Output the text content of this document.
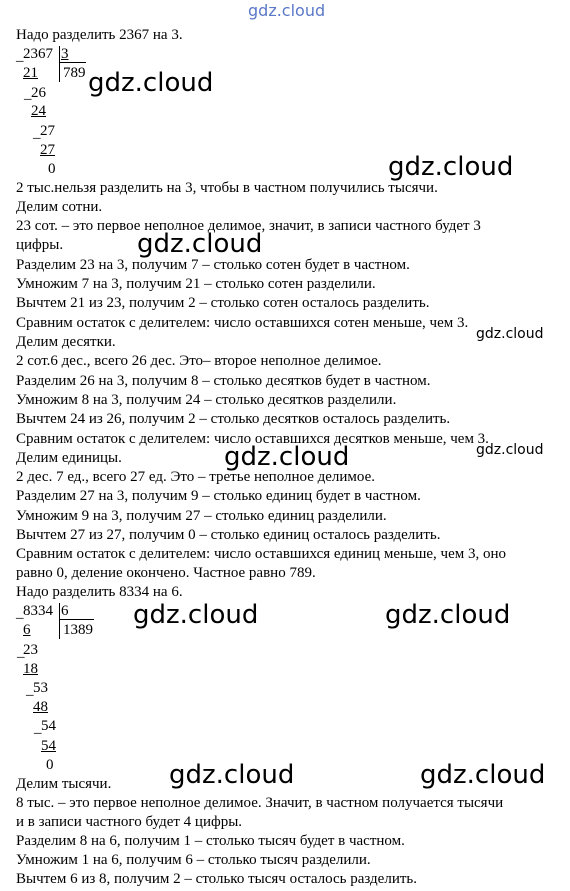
gdz.cloud
Надо разделить 2367 на 3.
_ 2367 3
789
21
_ 26
24
_ 27
27
0
gdz.cloud
gdz.cloud
2 тыс.нельзя разделить на 3, чтобы в частном получились тысячи.
Делим сотни.
23 сот. – это первое неполное делимое, значит, в записи частного будет 3
цифры.
Разделим 23 на 3, получим 7 – столько сотен будет в частном.
Умножим 7 на 3, получим 21 – столько сотен разделили.
Вычтем 21 из 23, получим 2 – столько сотен осталось разделить.
Сравним остаток с делителем: число оставшихся сотен меньше, чем 3.
Делим десятки.
2 сот.6 дес., всего 26 дес. Это– второе неполное делимое.
Разделим 26 на 3, получим 8 – столько десятков будет в частном.
Умножим 8 на 3, получим 24 – столько десятков разделили.
Вычтем 24 из 26, получим 2 – столько десятков осталось разделить.
Сравним остаток с делителем: число оставшихся десятков меньше, чем 3.
Делим единицы.
2 дес. 7 ед., всего 27 ед. Это – третье неполное делимое.
Разделим 27 на 3, получим 9 – столько единиц будет в частном.
Умножим 9 на 3, получим 27 – столько единиц разделили.
Вычтем 27 из 27, получим 0 – столько единиц осталось разделить.
Сравним остаток с делителем: число оставшихся единиц меньше, чем 3, оно
равно 0, деление окончено. Частное равно 789.
gdz.cloud
gdz.cloud
gdz.cloud
gdz.cloud
Надо разделить 8334 на 6.
_ 8334 6
1389
6
_
23
18
_ 53
48
_ 54
54
0
gdz.cloud	gdz.cloud
Делим тысячи.
8 тыс. – это первое неполное делимое. Значит, в частном получается тысячи
и в записи частного будет 4 цифры.
Разделим 8 на 6, получим 1 – столько тысяч будет в частном.
Умножим 1 на 6, получим 6 – столько тысяч разделили.
Вычтем 6 из 8, получим 2 – столько тысяч осталось разделить.
gdz.cloud	gdz.cloud
